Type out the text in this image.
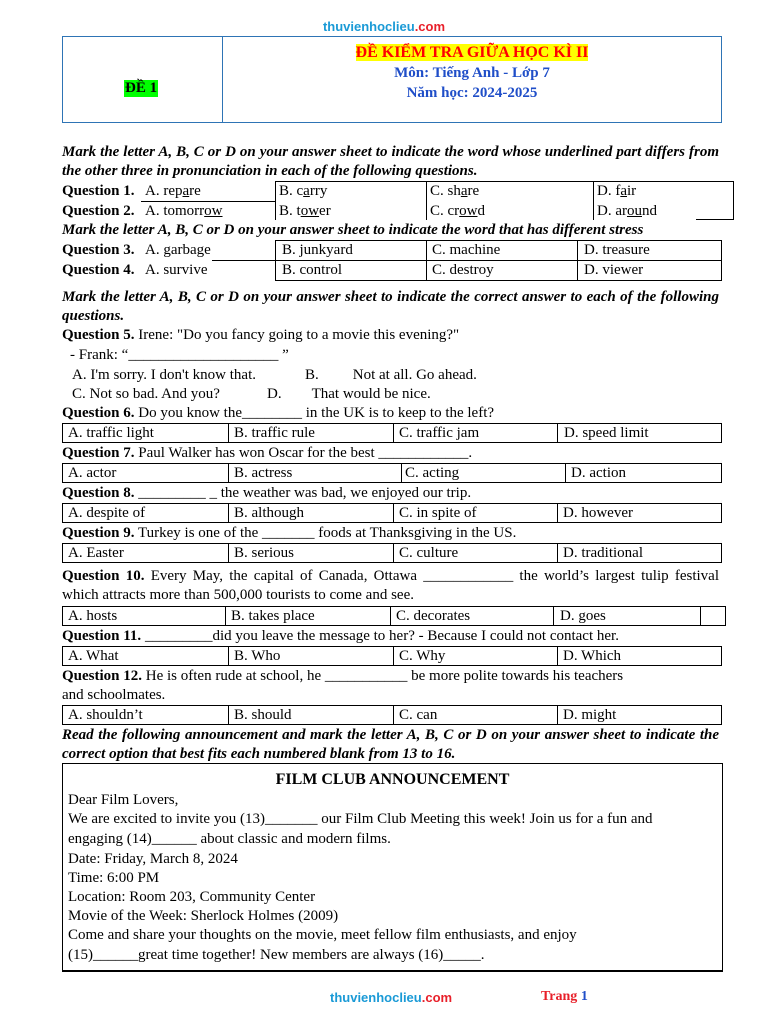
thuvienhoclieu.com
ĐỀ 1
ĐỀ KIỂM TRA GIỮA HỌC KÌ II
Môn: Tiếng Anh - Lớp 7
Năm học: 2024-2025
Mark the letter A, B, C or D on your answer sheet to indicate the word whose underlined part differs from the other three in pronunciation in each of the following questions.
Question 1. A. repare	B. carry	C. share	D. fair
Question 2. A. tomorrow	B. tower	C. crowd	D. around
Mark the letter A, B, C or D on your answer sheet to indicate the word that has different stress
Question 3. A. garbage	B. junkyard	C. machine	D. treasure
Question 4. A. survive	B. control	C. destroy	D. viewer
Mark the letter A, B, C or D on your answer sheet to indicate the correct answer to each of the following questions.
Question 5. Irene: "Do you fancy going to a movie this evening?"
- Frank: “____________________ ”
A. I'm sorry. I don't know that.	B. Not at all. Go ahead.
C. Not so bad. And you?	D. That would be nice.
Question 6. Do you know the________ in the UK is to keep to the left?
A. traffic light	B. traffic rule	C. traffic jam	D. speed limit
Question 7. Paul Walker has won Oscar for the best ____________.
A. actor	B. actress	C. acting	D. action
Question 8. _________ _ the weather was bad, we enjoyed our trip.
A. despite of	B. although	C. in spite of	D. however
Question 9. Turkey is one of the _______ foods at Thanksgiving in the US.
A. Easter	B. serious	C. culture	D. traditional
Question 10. Every May, the capital of Canada, Ottawa ____________ the world’s largest tulip festival which attracts more than 500,000 tourists to come and see.
A. hosts	B. takes place	C. decorates	D. goes
Question 11. _________did you leave the message to her? - Because I could not contact her.
A. What	B. Who	C. Why	D. Which
Question 12. He is often rude at school, he ___________ be more polite towards his teachers
and schoolmates.
A. shouldn’t	B. should	C. can	D. might
Read the following announcement and mark the letter A, B, C or D on your answer sheet to indicate the correct option that best fits each numbered blank from 13 to 16.
FILM CLUB ANNOUNCEMENT
Dear Film Lovers,
We are excited to invite you (13)_______ our Film Club Meeting this week! Join us for a fun and
engaging (14)______ about classic and modern films.
Date: Friday, March 8, 2024
Time: 6:00 PM
Location: Room 203, Community Center
Movie of the Week: Sherlock Holmes (2009)
Come and share your thoughts on the movie, meet fellow film enthusiasts, and enjoy
(15)______great time together! New members are always (16)_____.
thuvienhoclieu.com	Trang 1
